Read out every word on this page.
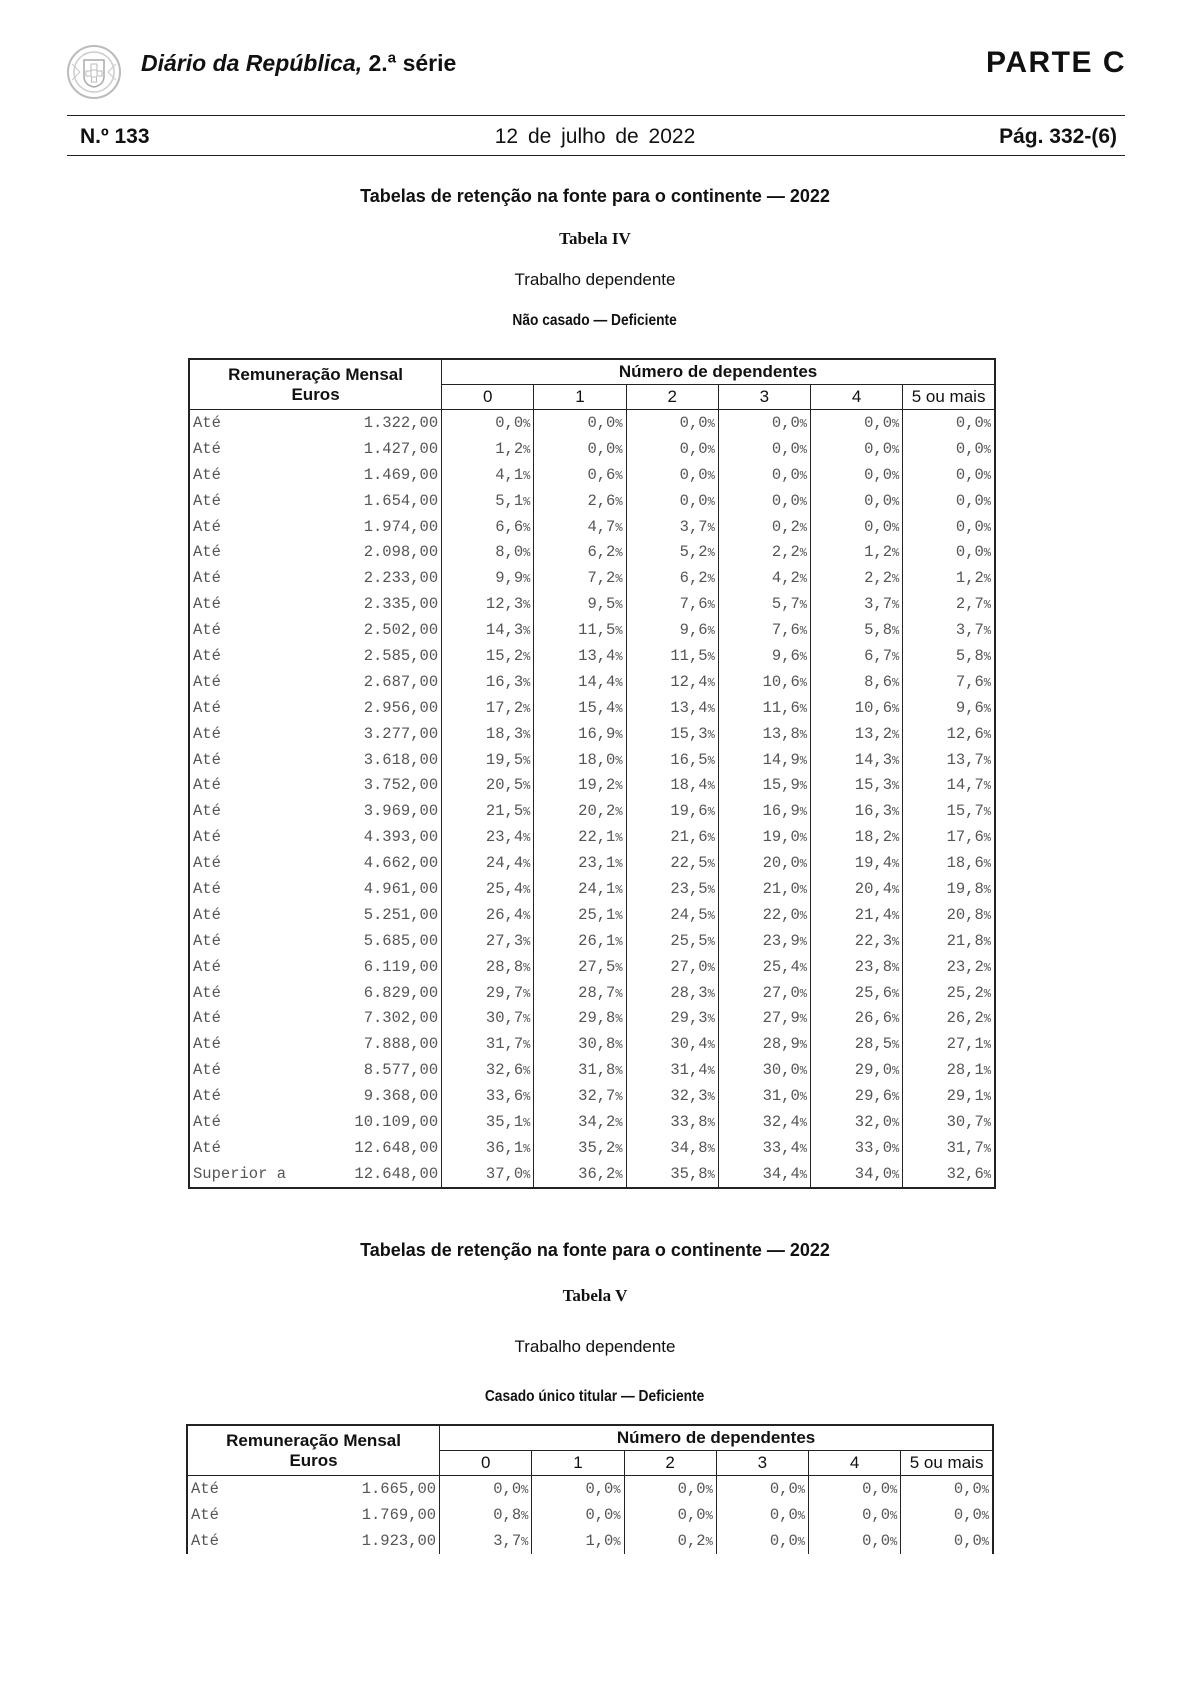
Diário da República, 2.ª série	PARTE C
N.º 133	12 de julho de 2022	Pág. 332-(6)
Tabelas de retenção na fonte para o continente — 2022
Tabela IV
Trabalho dependente
Não casado — Deficiente
Remuneração Mensal
Euros		Número de dependentes					
		0	1	2	3	4	5 ou mais
Até	1.322,00	0,0%	0,0%	0,0%	0,0%	0,0%	0,0%
Até	1.427,00	1,2%	0,0%	0,0%	0,0%	0,0%	0,0%
Até	1.469,00	4,1%	0,6%	0,0%	0,0%	0,0%	0,0%
Até	1.654,00	5,1%	2,6%	0,0%	0,0%	0,0%	0,0%
Até	1.974,00	6,6%	4,7%	3,7%	0,2%	0,0%	0,0%
Até	2.098,00	8,0%	6,2%	5,2%	2,2%	1,2%	0,0%
Até	2.233,00	9,9%	7,2%	6,2%	4,2%	2,2%	1,2%
Até	2.335,00	12,3%	9,5%	7,6%	5,7%	3,7%	2,7%
Até	2.502,00	14,3%	11,5%	9,6%	7,6%	5,8%	3,7%
Até	2.585,00	15,2%	13,4%	11,5%	9,6%	6,7%	5,8%
Até	2.687,00	16,3%	14,4%	12,4%	10,6%	8,6%	7,6%
Até	2.956,00	17,2%	15,4%	13,4%	11,6%	10,6%	9,6%
Até	3.277,00	18,3%	16,9%	15,3%	13,8%	13,2%	12,6%
Até	3.618,00	19,5%	18,0%	16,5%	14,9%	14,3%	13,7%
Até	3.752,00	20,5%	19,2%	18,4%	15,9%	15,3%	14,7%
Até	3.969,00	21,5%	20,2%	19,6%	16,9%	16,3%	15,7%
Até	4.393,00	23,4%	22,1%	21,6%	19,0%	18,2%	17,6%
Até	4.662,00	24,4%	23,1%	22,5%	20,0%	19,4%	18,6%
Até	4.961,00	25,4%	24,1%	23,5%	21,0%	20,4%	19,8%
Até	5.251,00	26,4%	25,1%	24,5%	22,0%	21,4%	20,8%
Até	5.685,00	27,3%	26,1%	25,5%	23,9%	22,3%	21,8%
Até	6.119,00	28,8%	27,5%	27,0%	25,4%	23,8%	23,2%
Até	6.829,00	29,7%	28,7%	28,3%	27,0%	25,6%	25,2%
Até	7.302,00	30,7%	29,8%	29,3%	27,9%	26,6%	26,2%
Até	7.888,00	31,7%	30,8%	30,4%	28,9%	28,5%	27,1%
Até	8.577,00	32,6%	31,8%	31,4%	30,0%	29,0%	28,1%
Até	9.368,00	33,6%	32,7%	32,3%	31,0%	29,6%	29,1%
Até	10.109,00	35,1%	34,2%	33,8%	32,4%	32,0%	30,7%
Até	12.648,00	36,1%	35,2%	34,8%	33,4%	33,0%	31,7%
Superior a	12.648,00	37,0%	36,2%	35,8%	34,4%	34,0%	32,6%
Tabelas de retenção na fonte para o continente — 2022
Tabela V
Trabalho dependente
Casado único titular — Deficiente
Remuneração Mensal
Euros		Número de dependentes					
		0	1	2	3	4	5 ou mais
Até	1.665,00	0,0%	0,0%	0,0%	0,0%	0,0%	0,0%
Até	1.769,00	0,8%	0,0%	0,0%	0,0%	0,0%	0,0%
Até	1.923,00	3,7%	1,0%	0,2%	0,0%	0,0%	0,0%
